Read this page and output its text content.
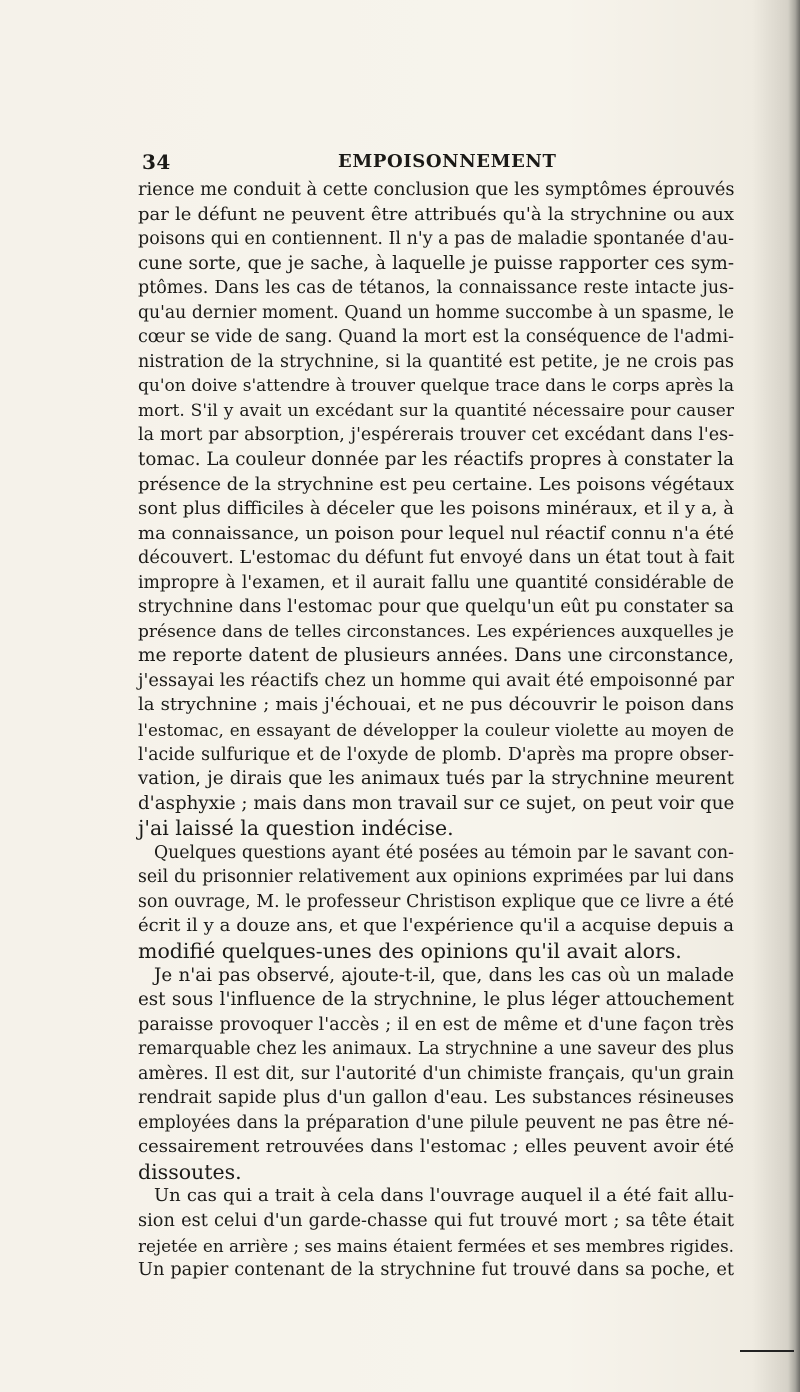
34	EMPOISONNEMENT
rience me conduit à cette conclusion que les symptômes éprouvés
par le défunt ne peuvent être attribués qu'à la strychnine ou aux
poisons qui en contiennent. Il n'y a pas de maladie spontanée d'au-
cune sorte, que je sache, à laquelle je puisse rapporter ces sym-
ptômes. Dans les cas de tétanos, la connaissance reste intacte jus-
qu'au dernier moment. Quand un homme succombe à un spasme, le
cœur se vide de sang. Quand la mort est la conséquence de l'admi-
nistration de la strychnine, si la quantité est petite, je ne crois pas
qu'on doive s'attendre à trouver quelque trace dans le corps après la
mort. S'il y avait un excédant sur la quantité nécessaire pour causer
la mort par absorption, j'espérerais trouver cet excédant dans l'es-
tomac. La couleur donnée par les réactifs propres à constater la
présence de la strychnine est peu certaine. Les poisons végétaux
sont plus difficiles à déceler que les poisons minéraux, et il y a, à
ma connaissance, un poison pour lequel nul réactif connu n'a été
découvert. L'estomac du défunt fut envoyé dans un état tout à fait
impropre à l'examen, et il aurait fallu une quantité considérable de
strychnine dans l'estomac pour que quelqu'un eût pu constater sa
présence dans de telles circonstances. Les expériences auxquelles je
me reporte datent de plusieurs années. Dans une circonstance,
j'essayai les réactifs chez un homme qui avait été empoisonné par
la strychnine ; mais j'échouai, et ne pus découvrir le poison dans
l'estomac, en essayant de développer la couleur violette au moyen de
l'acide sulfurique et de l'oxyde de plomb. D'après ma propre obser-
vation, je dirais que les animaux tués par la strychnine meurent
d'asphyxie ; mais dans mon travail sur ce sujet, on peut voir que
j'ai laissé la question indécise.
Quelques questions ayant été posées au témoin par le savant con-
seil du prisonnier relativement aux opinions exprimées par lui dans
son ouvrage, M. le professeur Christison explique que ce livre a été
écrit il y a douze ans, et que l'expérience qu'il a acquise depuis a
modifié quelques-unes des opinions qu'il avait alors.
Je n'ai pas observé, ajoute-t-il, que, dans les cas où un malade
est sous l'influence de la strychnine, le plus léger attouchement
paraisse provoquer l'accès ; il en est de même et d'une façon très
remarquable chez les animaux. La strychnine a une saveur des plus
amères. Il est dit, sur l'autorité d'un chimiste français, qu'un grain
rendrait sapide plus d'un gallon d'eau. Les substances résineuses
employées dans la préparation d'une pilule peuvent ne pas être né-
cessairement retrouvées dans l'estomac ; elles peuvent avoir été
dissoutes.
Un cas qui a trait à cela dans l'ouvrage auquel il a été fait allu-
sion est celui d'un garde-chasse qui fut trouvé mort ; sa tête était
rejetée en arrière ; ses mains étaient fermées et ses membres rigides.
Un papier contenant de la strychnine fut trouvé dans sa poche, et
